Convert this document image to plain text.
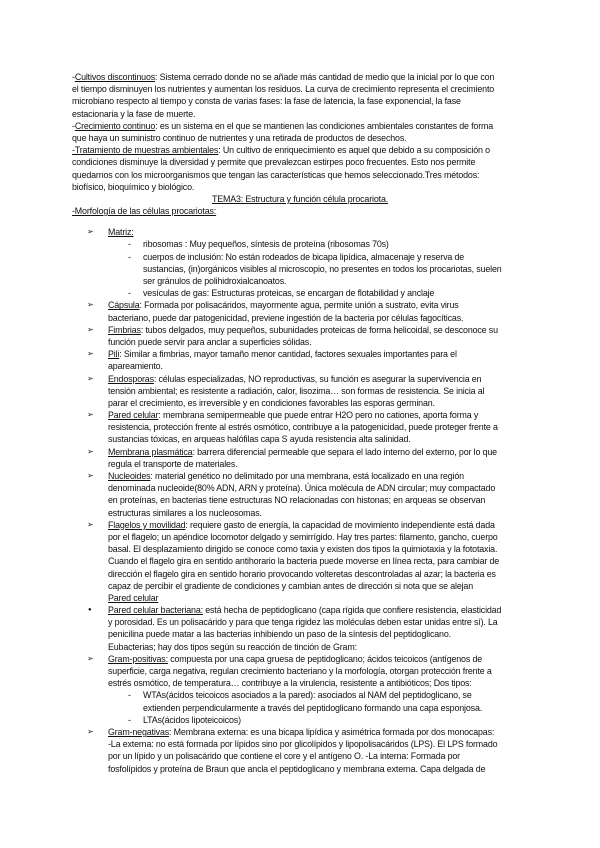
-Cultivos discontinuos: Sistema cerrado donde no se añade más cantidad de medio que la inicial por lo que con
el tiempo disminuyen los nutrientes y aumentan los residuos. La curva de crecimiento representa el crecimiento
microbiano respecto al tiempo y consta de varias fases: la fase de latencia, la fase exponencial, la fase
estacionaria y la fase de muerte.
-Crecimiento continuo: es un sistema en el que se mantienen las condiciones ambientales constantes de forma
que haya un suministro continuo de nutrientes y una retirada de productos de desechos.
-Tratamiento de muestras ambientales: Un cultivo de enriquecimiento es aquel que debido a su composición o
condiciones disminuye la diversidad y permite que prevalezcan estirpes poco frecuentes. Esto nos permite
quedarnos con los microorganismos que tengan las características que hemos seleccionado.Tres métodos:
biofísico, bioquímico y biológico.
TEMA3: Estructura y función célula procariota.
-Morfología de las células procariotas:
➢ Matriz:
- ribosomas : Muy pequeños, síntesis de proteína (ribosomas 70s)
- cuerpos de inclusión: No están rodeados de bicapa lipídica, almacenaje y reserva de
sustancias, (in)orgánicos visibles al microscopio, no presentes en todos los procariotas, suelen
ser gránulos de polihidroxialcanoatos.
- vesículas de gas: Estructuras proteicas, se encargan de flotabilidad y anclaje
➢ Cápsula: Formada por polisacáridos, mayormente agua, permite unión a sustrato, evita virus
bacteriano, puede dar patogenicidad, previene ingestión de la bacteria por células fagocíticas.
➢ Fimbrias: tubos delgados, muy pequeños, subunidades proteicas de forma helicoidal, se desconoce su
función puede servir para anclar a superficies sólidas.
➢ Pili: Similar a fimbrias, mayor tamaño menor cantidad, factores sexuales importantes para el
apareamiento.
➢ Endosporas: células especializadas, NO reproductivas, su función es asegurar la supervivencia en
tensión ambiental; es resistente a radiación, calor, lisozima… son formas de resistencia. Se inicia al
parar el crecimiento, es irreversible y en condiciones favorables las esporas germinan.
➢ Pared celular: membrana semipermeable que puede entrar H2O pero no cationes, aporta forma y
resistencia, protección frente al estrés osmótico, contribuye a la patogenicidad, puede proteger frente a
sustancias tóxicas, en arqueas halófilas capa S ayuda resistencia alta salinidad.
➢ Membrana plasmática: barrera diferencial permeable que separa el lado interno del externo, por lo que
regula el transporte de materiales.
➢ Nucleoides: material genético no delimitado por una membrana, está localizado en una región
denominada nucleoide(80% ADN, ARN y proteína). Única molécula de ADN circular; muy compactado
en proteínas, en bacterias tiene estructuras NO relacionadas con histonas; en arqueas se observan
estructuras similares a los nucleosomas.
➢ Flagelos y movilidad: requiere gasto de energía, la capacidad de movimiento independiente está dada
por el flagelo; un apéndice locomotor delgado y semirrígido. Hay tres partes: filamento, gancho, cuerpo
basal. El desplazamiento dirigido se conoce como taxia y existen dos tipos la quimiotaxia y la fototaxia.
Cuando el flagelo gira en sentido antihorario la bacteria puede moverse en línea recta, para cambiar de
dirección el flagelo gira en sentido horario provocando volteretas descontroladas al azar; la bacteria es
capaz de percibir el gradiente de condiciones y cambian antes de dirección si nota que se alejan
Pared celular
● Pared celular bacteriana: está hecha de peptidoglicano (capa rígida que confiere resistencia, elasticidad
y porosidad. Es un polisacárido y para que tenga rigidez las moléculas deben estar unidas entre sí). La
penicilina puede matar a las bacterias inhibiendo un paso de la síntesis del peptidoglicano.
Eubacterias; hay dos tipos según su reacción de tinción de Gram:
➢ Gram-positivas: compuesta por una capa gruesa de peptidoglicano; ácidos teicoicos (antígenos de
superficie, carga negativa, regulan crecimiento bacteriano y la morfología, otorgan protección frente a
estrés osmótico, de temperatura… contribuye a la virulencia, resistente a antibióticos; Dos tipos:
- WTAs(ácidos teicoicos asociados a la pared): asociados al NAM del peptidoglicano, se
extienden perpendicularmente a través del peptidoglicano formando una capa esponjosa.
- LTAs(ácidos lipoteicoicos)
➢ Gram-negativas: Membrana externa: es una bicapa lipídica y asimétrica formada por dos monocapas:
-La externa: no está formada por lípidos sino por glicolípidos y lipopolisacáridos (LPS). El LPS formado
por un lípido y un polisacárido que contiene el core y el antígeno O. -La interna: Formada por
fosfolípidos y proteína de Braun que ancla el peptidoglicano y membrana externa. Capa delgada de
